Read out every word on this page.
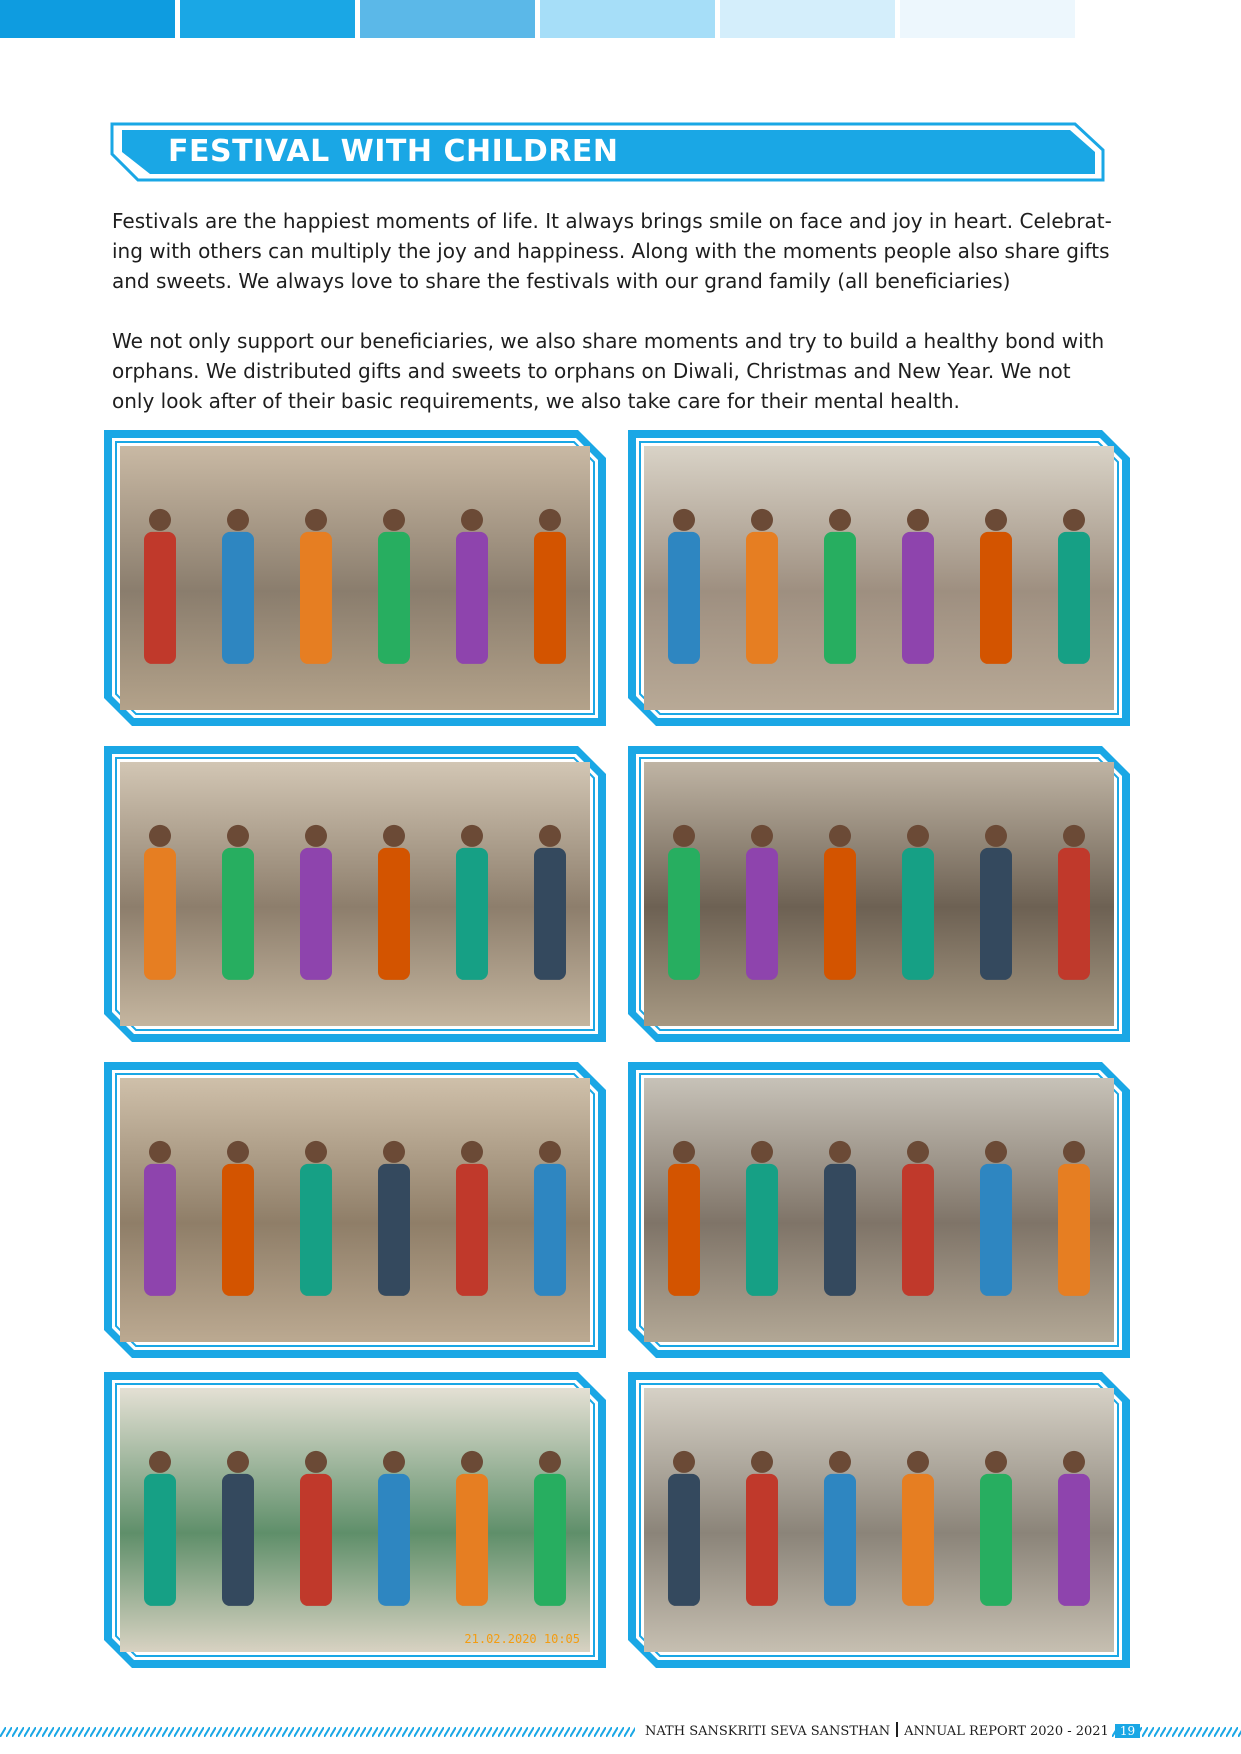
FESTIVAL WITH CHILDREN
Festivals are the happiest moments of life. It always brings smile on face and joy in heart. Celebrat-
ing with others can multiply the joy and happiness. Along with the moments people also share gifts
and sweets. We always love to share the festivals with our grand family (all beneficiaries)
We not only support our beneficiaries, we also share moments and try to build a healthy bond with
orphans. We distributed gifts and sweets to orphans on Diwali, Christmas and New Year. We not
only look after of their basic requirements, we also take care for their mental health.
21.02.2020 10:05
NATH SANSKRITI SEVA SANSTHAN ANNUAL REPORT 2020 - 2021 19
